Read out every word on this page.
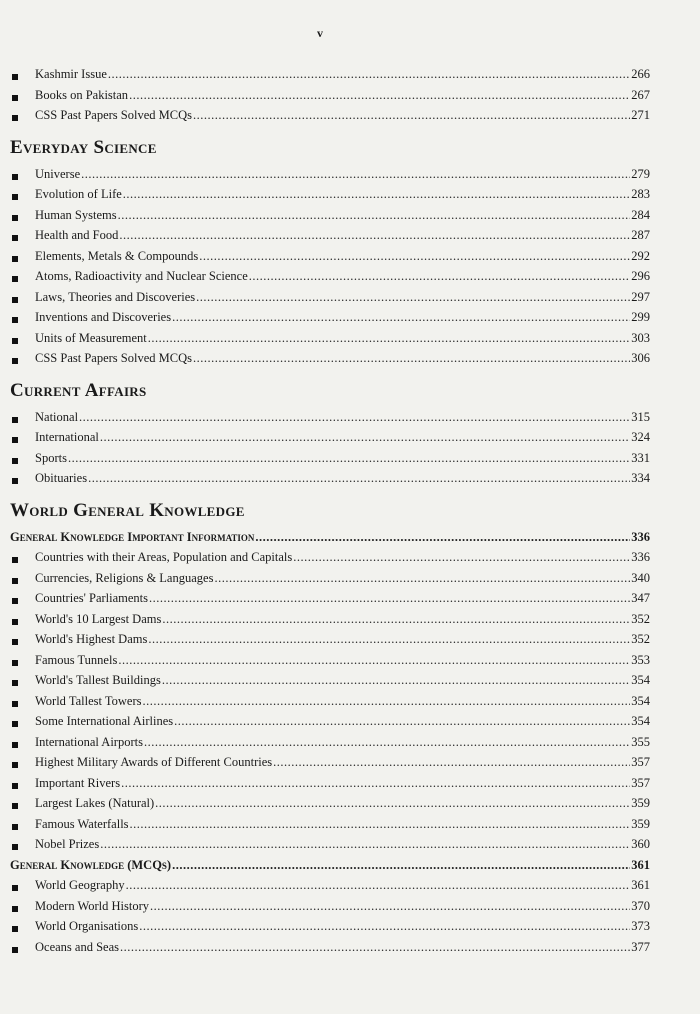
v
Kashmir Issue .....	266
Books on Pakistan .....	267
CSS Past Papers Solved MCQs .....	271
Everyday Science
Universe .....	279
Evolution of Life .....	283
Human Systems .....	284
Health and Food .....	287
Elements, Metals & Compounds .....	292
Atoms, Radioactivity and Nuclear Science .....	296
Laws, Theories and Discoveries .....	297
Inventions and Discoveries .....	299
Units of Measurement .....	303
CSS Past Papers Solved MCQs .....	306
Current Affairs
National .....	315
International .....	324
Sports .....	331
Obituaries .....	334
World General Knowledge
General Knowledge Important Information .....	336
Countries with their Areas, Population and Capitals .....	336
Currencies, Religions & Languages .....	340
Countries' Parliaments .....	347
World's 10 Largest Dams .....	352
World's Highest Dams .....	352
Famous Tunnels .....	353
World's Tallest Buildings .....	354
World Tallest Towers .....	354
Some International Airlines .....	354
International Airports .....	355
Highest Military Awards of Different Countries .....	357
Important Rivers .....	357
Largest Lakes (Natural) .....	359
Famous Waterfalls .....	359
Nobel Prizes .....	360
General Knowledge (MCQs) .....	361
World Geography .....	361
Modern World History .....	370
World Organisations .....	373
Oceans and Seas .....	377
